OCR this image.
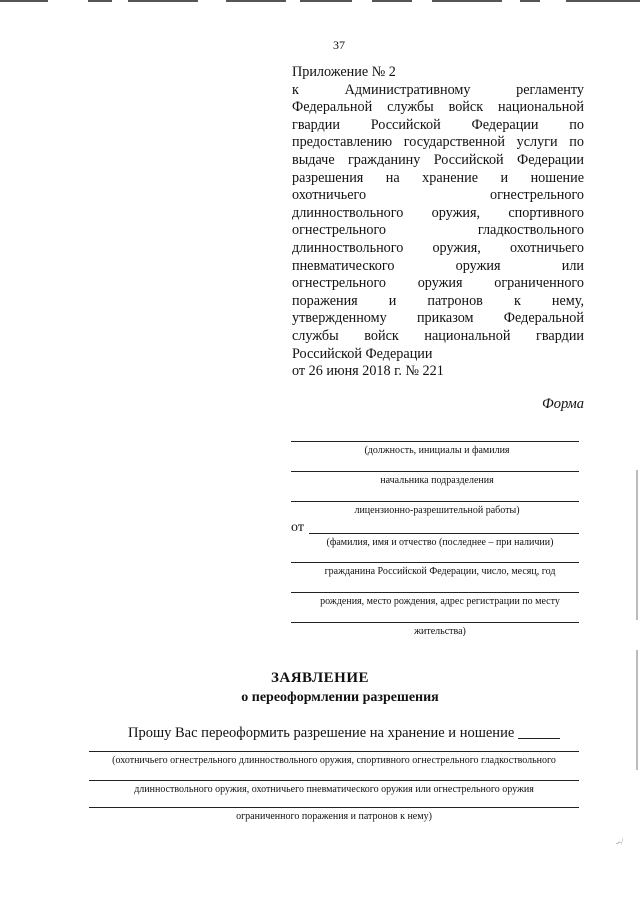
37
Приложение № 2
к Административному регламенту
Федеральной службы войск национальной
гвардии Российской Федерации по
предоставлению государственной услуги по
выдаче гражданину Российской Федерации
разрешения на хранение и ношение
охотничьего огнестрельного
длинноствольного оружия, спортивного
огнестрельного гладкоствольного
длинноствольного оружия, охотничьего
пневматического оружия или
огнестрельного оружия ограниченного
поражения и патронов к нему,
утвержденному приказом Федеральной
службы войск национальной гвардии
Российской Федерации
от 26 июня 2018 г. № 221
Форма
(должность, инициалы и фамилия
начальника подразделения
лицензионно-разрешительной работы)
от
(фамилия, имя и отчество (последнее – при наличии)
гражданина Российской Федерации, число, месяц, год
рождения, место рождения, адрес регистрации по месту
жительства)
ЗАЯВЛЕНИЕ
о переоформлении разрешения
Прошу Вас переоформить разрешение на хранение и ношение
(охотничьего огнестрельного длинноствольного оружия, спортивного огнестрельного гладкоствольного
длинноствольного оружия, охотничьего пневматического оружия или огнестрельного оружия
ограниченного поражения и патронов к нему)
∽⁄
